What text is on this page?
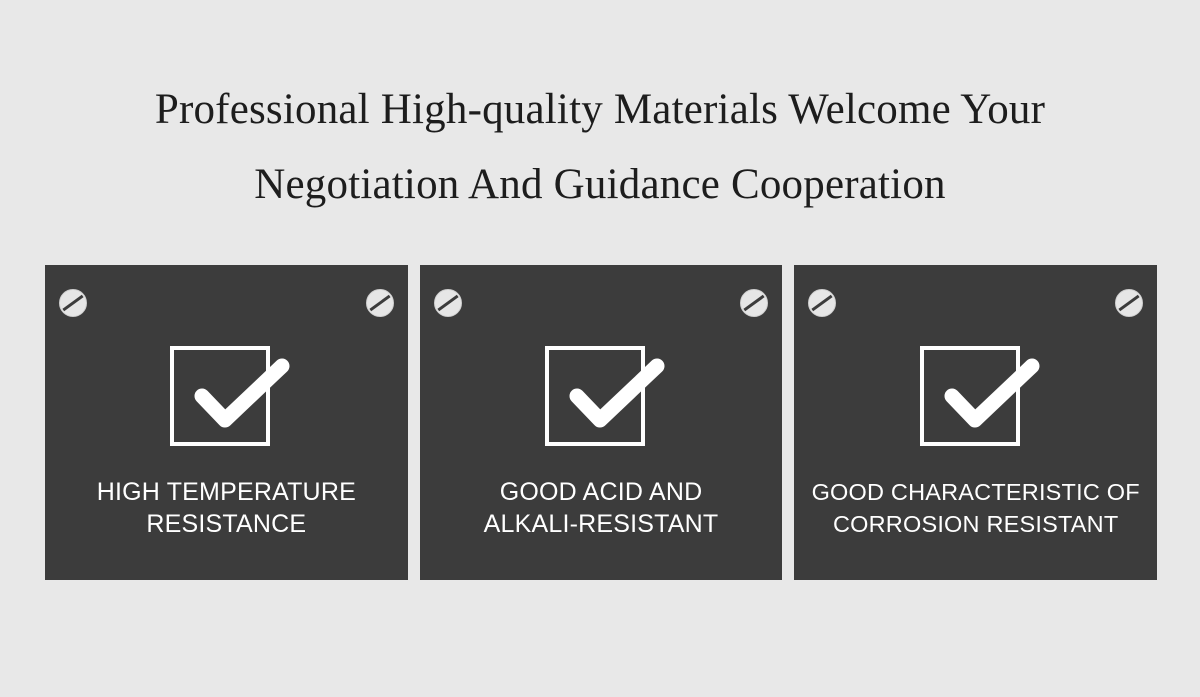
Professional High-quality Materials Welcome Your
Negotiation And Guidance Cooperation
HIGH TEMPERATURE
RESISTANCE
GOOD ACID AND
ALKALI-RESISTANT
GOOD CHARACTERISTIC OF
CORROSION RESISTANT
